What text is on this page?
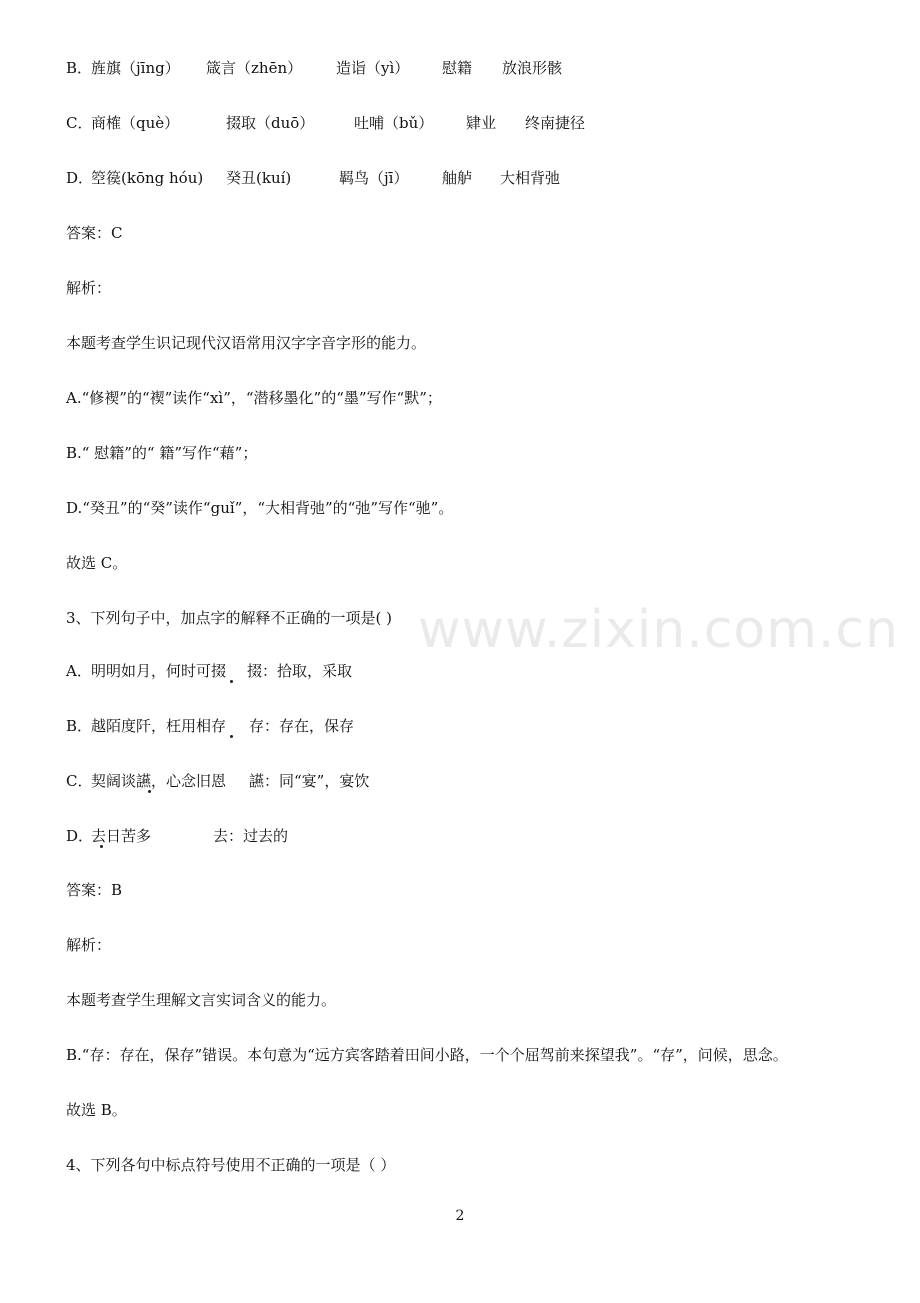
B．
旌旗（jīng） 箴言（zhēn） 造诣（yì） 慰籍 放浪形骸
C．
商榷（què）	掇取（duō）	吐哺（bǔ） 肄业 终南捷径
D．
箜篌(kōng hóu) 癸丑(kuí)	羁鸟（jī） 舳舻 大相背弛
答案：C
解析：
本题考查学生识记现代汉语常用汉字字音字形的能力。
A.“修褉”的“褉”读作“xì”，“潜移墨化”的“墨”写作“默”；
B.“ 慰籍”的“ 籍”写作“藉”；
D.“癸丑”的“癸”读作“guǐ”，“大相背弛”的“弛”写作“驰”。
故选 C。
3、下列句子中，加点字的解释不正确的一项是( )
A． 明明如月，何时可掇 掇：拾取，采取
B．
越陌度阡，枉用相存 存：存在，保存
C．
契阔谈讌，心念旧恩 讌：同“宴”，宴饮
D．
去日苦多	去：过去的
答案：B
解析：
本题考查学生理解文言实词含义的能力。
B.“存：存在，保存”错误。本句意为“远方宾客踏着田间小路，一个个屈驾前来探望我”。“存”，问候，思念。
故选 B。
4、下列各句中标点符号使用不正确的一项是（ ）
www.zixin.com.cn
2
